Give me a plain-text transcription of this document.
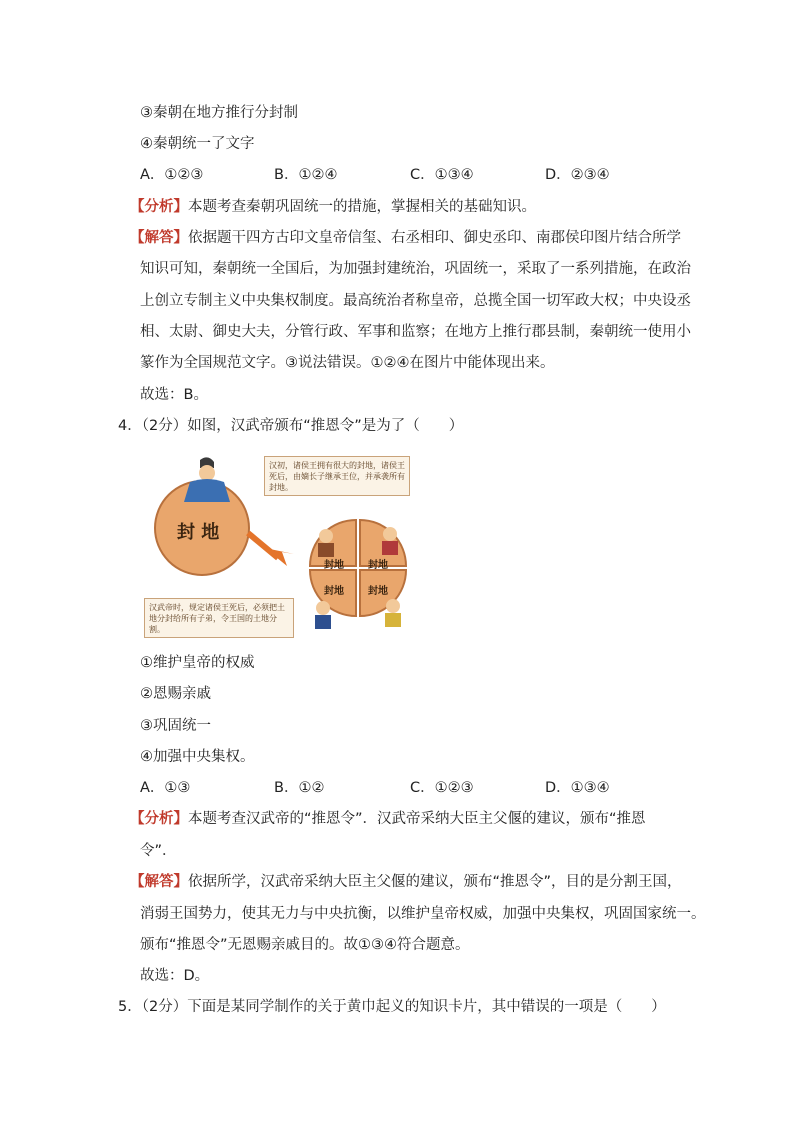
③秦朝在地方推行分封制
④秦朝统一了文字
A．①②③	B．①②④	C．①③④	D．②③④
【分析】本题考查秦朝巩固统一的措施，掌握相关的基础知识。
【解答】依据题干四方古印文皇帝信玺、右丞相印、御史丞印、南郡侯印图片结合所学
知识可知，秦朝统一全国后，为加强封建统治，巩固统一，采取了一系列措施，在政治
上创立专制主义中央集权制度。最高统治者称皇帝，总揽全国一切军政大权；中央设丞
相、太尉、御史大夫，分管行政、军事和监察；在地方上推行郡县制，秦朝统一使用小
篆作为全国规范文字。③说法错误。①②④在图片中能体现出来。
故选：B。
4．（2分）如图，汉武帝颁布“推恩令”是为了（　　）
汉初，诸侯王拥有很大的封地，诸侯王死后，由嫡长子继承王位，并承袭所有封地。
汉武帝时，规定诸侯王死后，必须把土地分封给所有子弟，令王国的土地分割。
封 地
封地 封地
封地 封地
①维护皇帝的权威
②恩赐亲戚
③巩固统一
④加强中央集权。
A．①③	B．①②	C．①②③	D．①③④
【分析】本题考查汉武帝的“推恩令”．汉武帝采纳大臣主父偃的建议，颁布“推恩
令”．
【解答】依据所学，汉武帝采纳大臣主父偃的建议，颁布“推恩令”，目的是分割王国，
消弱王国势力，使其无力与中央抗衡，以维护皇帝权威，加强中央集权，巩固国家统一。
颁布“推恩令”无恩赐亲戚目的。故①③④符合题意。
故选：D。
5．（2分）下面是某同学制作的关于黄巾起义的知识卡片，其中错误的一项是（　　）
